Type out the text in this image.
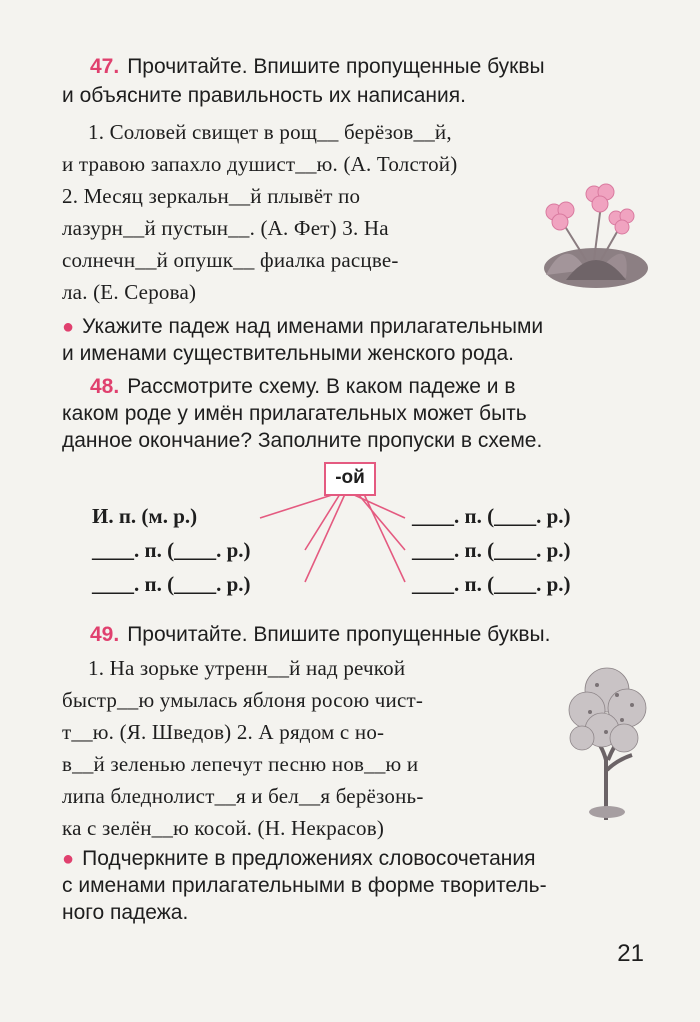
47. Прочитайте. Впишите пропущенные буквы
и объясните правильность их написания.
1. Соловей свищет в рощ__ берёзов__й,
и травою запахло душист__ю. (А. Толстой)
2. Месяц зеркальн__й плывёт по
лазурн__й пустын__. (А. Фет) 3. На
солнечн__й опушк__ фиалка расцве-
ла. (Е. Серова)
● Укажите падеж над именами прилагательными
и именами существительными женского рода.
48. Рассмотрите схему. В каком падеже и в
каком роде у имён прилагательных может быть
данное окончание? Заполните пропуски в схеме.
-ой
И. п. (м. р.)
____. п. (____. р.)
____. п. (____. р.)
____. п. (____. р.)
____. п. (____. р.)
____. п. (____. р.)
49. Прочитайте. Впишите пропущенные буквы.
1. На зорьке утренн__й над речкой
быстр__ю умылась яблоня росою чист-
т__ю. (Я. Шведов) 2. А рядом с но-
в__й зеленью лепечут песню нов__ю и
липа бледнолист__я и бел__я берёзонь-
ка с зелён__ю косой. (Н. Некрасов)
● Подчеркните в предложениях словосочетания
с именами прилагательными в форме творитель-
ного падежа.
21
